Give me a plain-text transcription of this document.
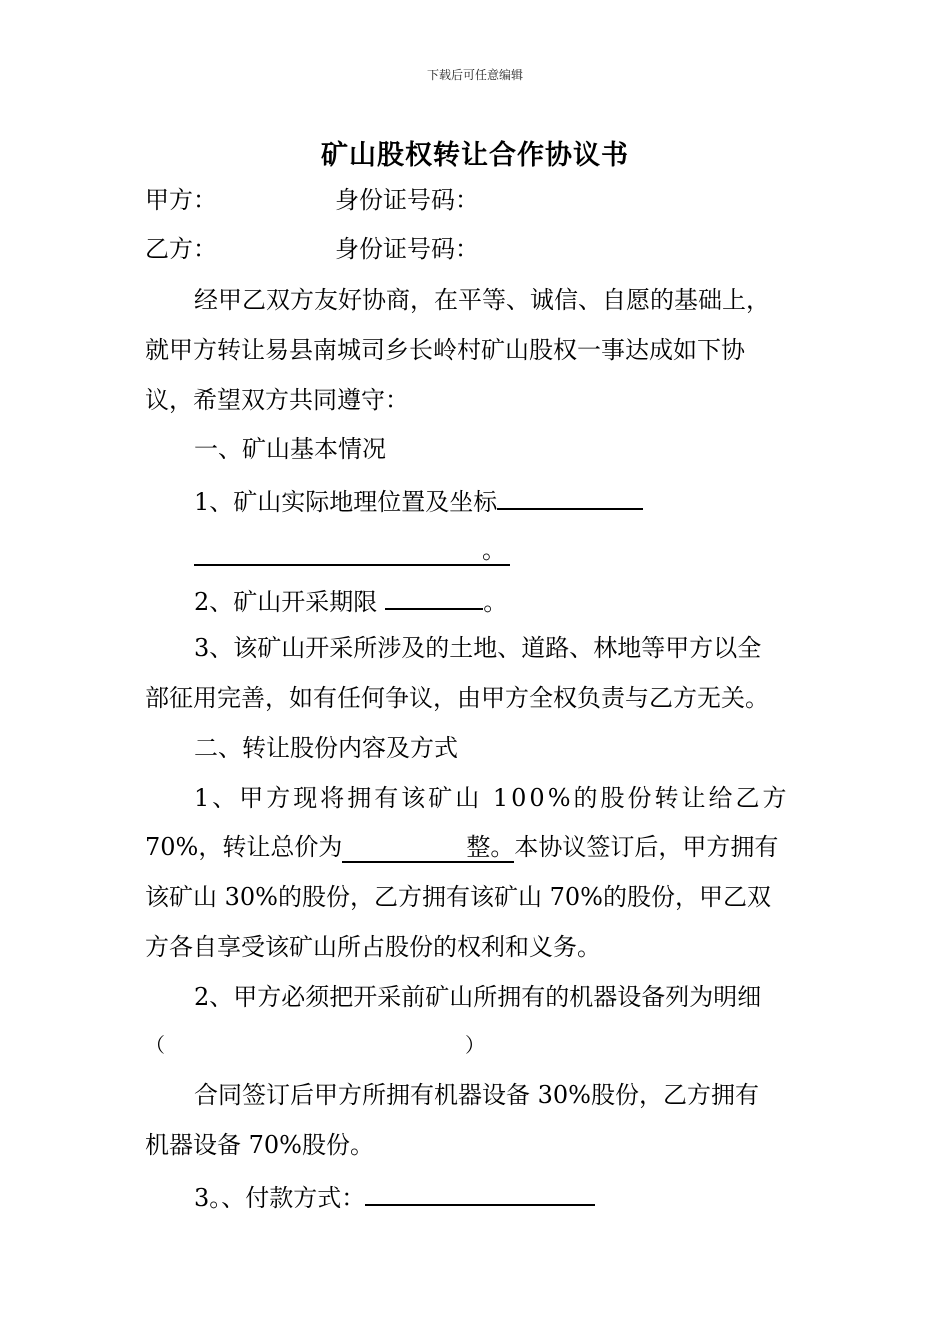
下载后可任意编辑
矿山股权转让合作协议书
甲方：	身份证号码：
乙方：	身份证号码：
经甲乙双方友好协商，在平等、诚信、自愿的基础上，
就甲方转让易县南城司乡长岭村矿山股权一事达成如下协
议，希望双方共同遵守：
一、矿山基本情况
1、矿山实际地理位置及坐标
。
2、矿山开采期限	。
3、该矿山开采所涉及的土地、道路、林地等甲方以全
部征用完善，如有任何争议，由甲方全权负责与乙方无关。
二、转让股份内容及方式
1、甲方现将拥有该矿山 100%的股份转让给乙方
70%，转让总价为	整。本协议签订后，甲方拥有
该矿山 30%的股份，乙方拥有该矿山 70%的股份，甲乙双
方各自享受该矿山所占股份的权利和义务。
2、甲方必须把开采前矿山所拥有的机器设备列为明细
（	）
合同签订后甲方所拥有机器设备 30%股份，乙方拥有
机器设备 70%股份。
3。、付款方式：
